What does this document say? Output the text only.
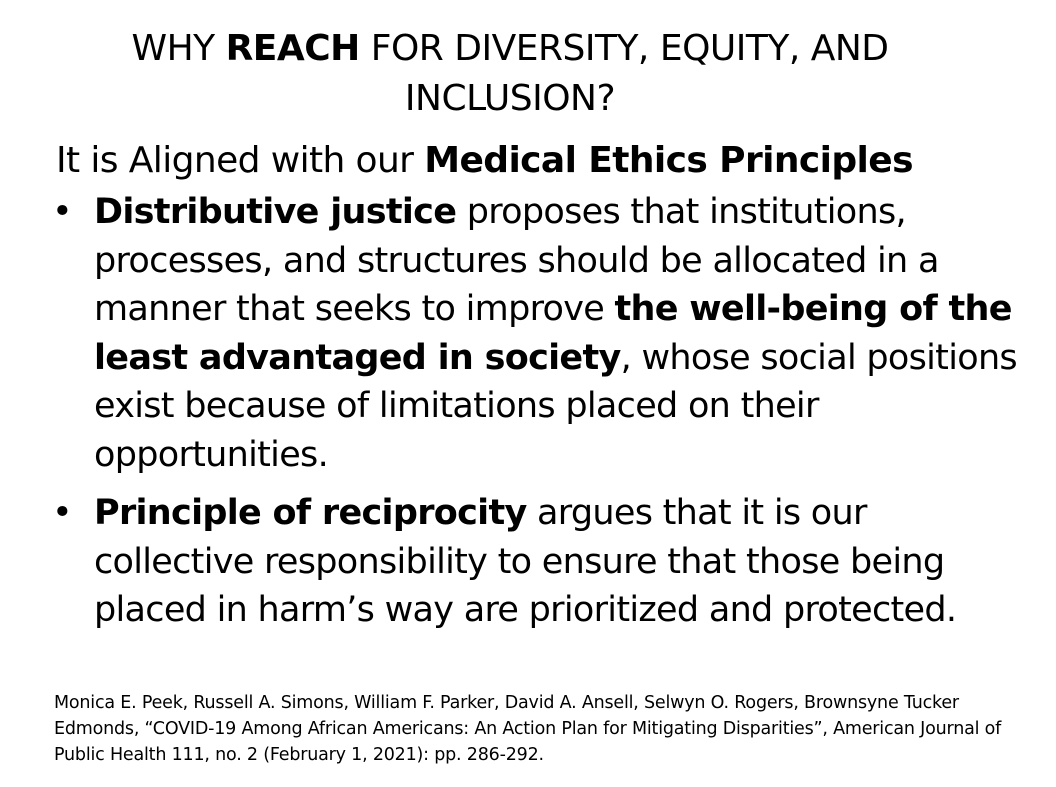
WHY REACH FOR DIVERSITY, EQUITY, AND INCLUSION?
It is Aligned with our Medical Ethics Principles
• Distributive justice proposes that institutions, processes, and structures should be allocated in a manner that seeks to improve the well-being of the least advantaged in society, whose social positions exist because of limitations placed on their opportunities.
• Principle of reciprocity argues that it is our collective responsibility to ensure that those being placed in harm’s way are prioritized and protected.
Monica E. Peek, Russell A. Simons, William F. Parker, David A. Ansell, Selwyn O. Rogers, Brownsyne Tucker Edmonds, “COVID-19 Among African Americans: An Action Plan for Mitigating Disparities”, American Journal of Public Health 111, no. 2 (February 1, 2021): pp. 286-292.
